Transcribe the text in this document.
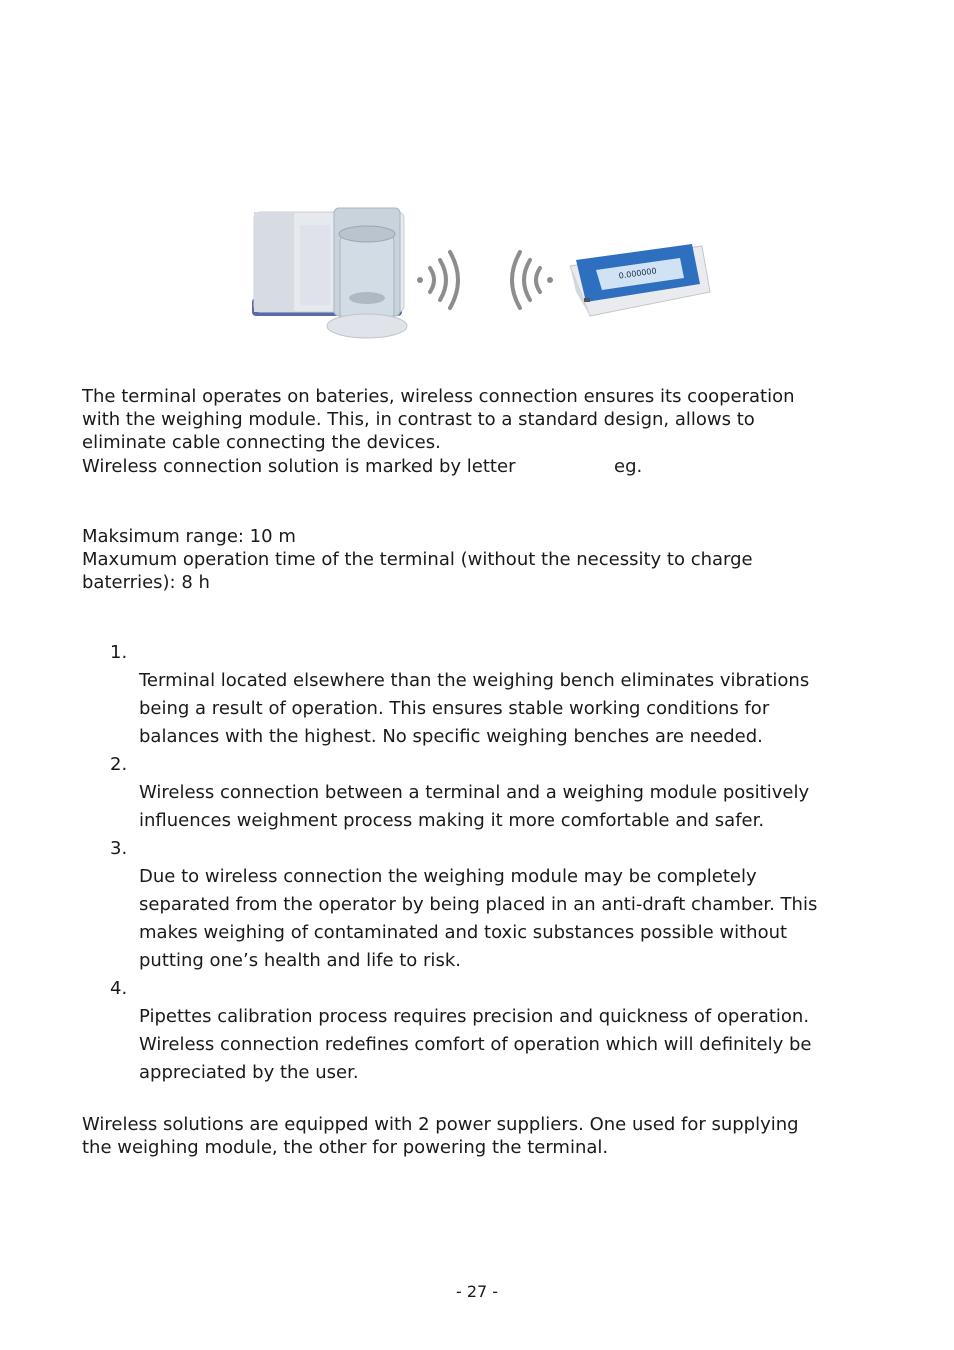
0.000000
The terminal operates on bateries, wireless connection ensures its cooperation
with the weighing module. This, in contrast to a standard design, allows to
eliminate cable connecting the devices.
Wireless connection solution is marked by letter	eg.
Maksimum range: 10 m
Maxumum operation time of the terminal (without the necessity to charge
baterries): 8 h
1.
Terminal located elsewhere than the weighing bench eliminates vibrations
being a result of operation. This ensures stable working conditions for
balances with the highest. No specific weighing benches are needed.
2.
Wireless connection between a terminal and a weighing module positively
influences weighment process making it more comfortable and safer.
3.
Due to wireless connection the weighing module may be completely
separated from the operator by being placed in an anti-draft chamber. This
makes weighing of contaminated and toxic substances possible without
putting one’s health and life to risk.
4.
Pipettes calibration process requires precision and quickness of operation.
Wireless connection redefines comfort of operation which will definitely be
appreciated by the user.
Wireless solutions are equipped with 2 power suppliers. One used for supplying
the weighing module, the other for powering the terminal.
- 27 -
